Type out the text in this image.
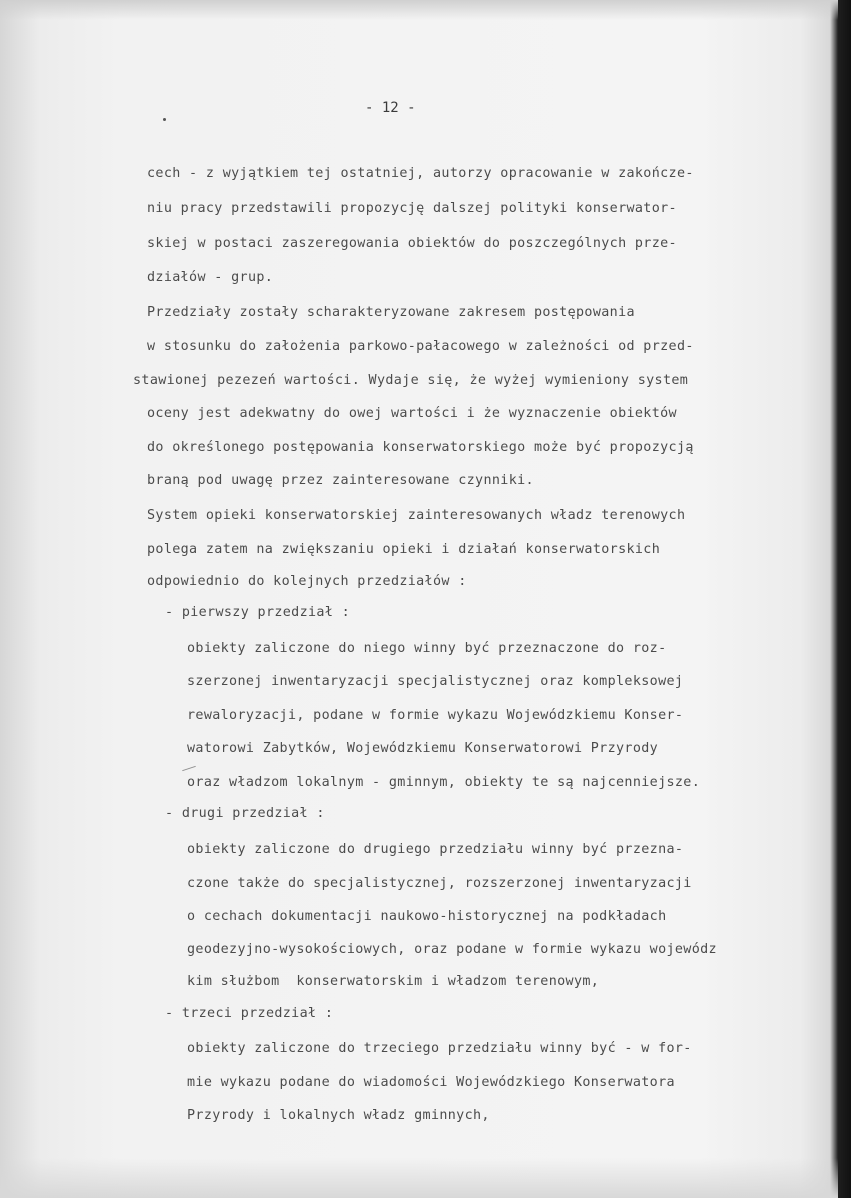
- 12 -
cech - z wyjątkiem tej ostatniej, autorzy opracowanie w zakończe-
niu pracy przedstawili propozycję dalszej polityki konserwator-
skiej w postaci zaszeregowania obiektów do poszczególnych prze-
działów - grup.
Przedziały zostały scharakteryzowane zakresem postępowania
w stosunku do założenia parkowo-pałacowego w zależności od przed-
stawionej pezezeń wartości. Wydaje się, że wyżej wymieniony system
oceny jest adekwatny do owej wartości i że wyznaczenie obiektów
do określonego postępowania konserwatorskiego może być propozycją
braną pod uwagę przez zainteresowane czynniki.
System opieki konserwatorskiej zainteresowanych władz terenowych
polega zatem na zwiększaniu opieki i działań konserwatorskich
odpowiednio do kolejnych przedziałów :
- pierwszy przedział :
obiekty zaliczone do niego winny być przeznaczone do roz-
szerzonej inwentaryzacji specjalistycznej oraz kompleksowej
rewaloryzacji, podane w formie wykazu Wojewódzkiemu Konser-
watorowi Zabytków, Wojewódzkiemu Konserwatorowi Przyrody
oraz władzom lokalnym - gminnym, obiekty te są najcenniejsze.
- drugi przedział :
obiekty zaliczone do drugiego przedziału winny być przezna-
czone także do specjalistycznej, rozszerzonej inwentaryzacji
o cechach dokumentacji naukowo-historycznej na podkładach
geodezyjno-wysokościowych, oraz podane w formie wykazu wojewódz
kim służbom  konserwatorskim i władzom terenowym,
- trzeci przedział :
obiekty zaliczone do trzeciego przedziału winny być - w for-
mie wykazu podane do wiadomości Wojewódzkiego Konserwatora
Przyrody i lokalnych władz gminnych,
